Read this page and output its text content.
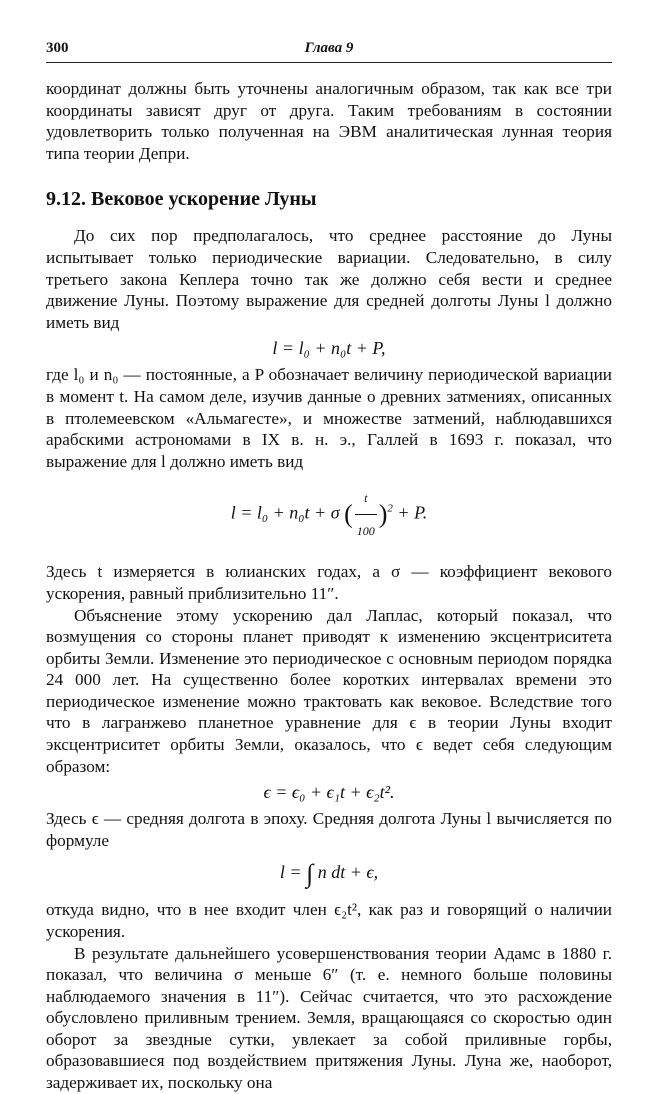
300	Глава 9

координат должны быть уточнены аналогичным образом, так как все три координаты зависят друг от друга. Таким требованиям в состоянии удовлетворить только полученная на ЭВМ аналитическая лунная теория типа теории Депри.

9.12. Вековое ускорение Луны

До сих пор предполагалось, что среднее расстояние до Луны испытывает только периодические вариации. Следовательно, в силу третьего закона Кеплера точно так же должно себя вести и среднее движение Луны. Поэтому выражение для средней долготы Луны l должно иметь вид

l = l₀ + n₀t + P,

где l₀ и n₀ — постоянные, а P обозначает величину периодической вариации в момент t. На самом деле, изучив данные о древних затмениях, описанных в птолемеевском «Альмагесте», и множестве затмений, наблюдавшихся арабскими астрономами в IX в. н. э., Галлей в 1693 г. показал, что выражение для l должно иметь вид

l = l₀ + n₀t + σ ( $\frac{t}{100} )^2 + P$.

Здесь t измеряется в юлианских годах, а σ — коэффициент векового ускорения, равный приблизительно 11″.

Объяснение этому ускорению дал Лаплас, который показал, что возмущения со стороны планет приводят к изменению эксцентриситета орбиты Земли. Изменение это периодическое с основным периодом порядка 24 000 лет. На существенно более коротких интервалах времени это периодическое изменение можно трактовать как вековое. Вследствие того что в лагранжево планетное уравнение для ϵ в теории Луны входит эксцентриситет орбиты Земли, оказалось, что ϵ ведет себя следующим образом:

ϵ = ϵ₀ + ϵ₁t + ϵ₂t².

Здесь ϵ — средняя долгота в эпоху. Средняя долгота Луны l вычисляется по формуле

l = ∫ n dt + ϵ,

откуда видно, что в нее входит член ϵ₂t², как раз и говорящий о наличии ускорения.

В результате дальнейшего усовершенствования теории Адамс в 1880 г. показал, что величина σ меньше 6″ (т. е. немного больше половины наблюдаемого значения в 11″). Сейчас считается, что это расхождение обусловлено приливным трением. Земля, вращающаяся со скоростью один оборот за звездные сутки, увлекает за собой приливные горбы, образовавшиеся под воздействием притяжения Луны. Луна же, наоборот, задерживает их, поскольку она
